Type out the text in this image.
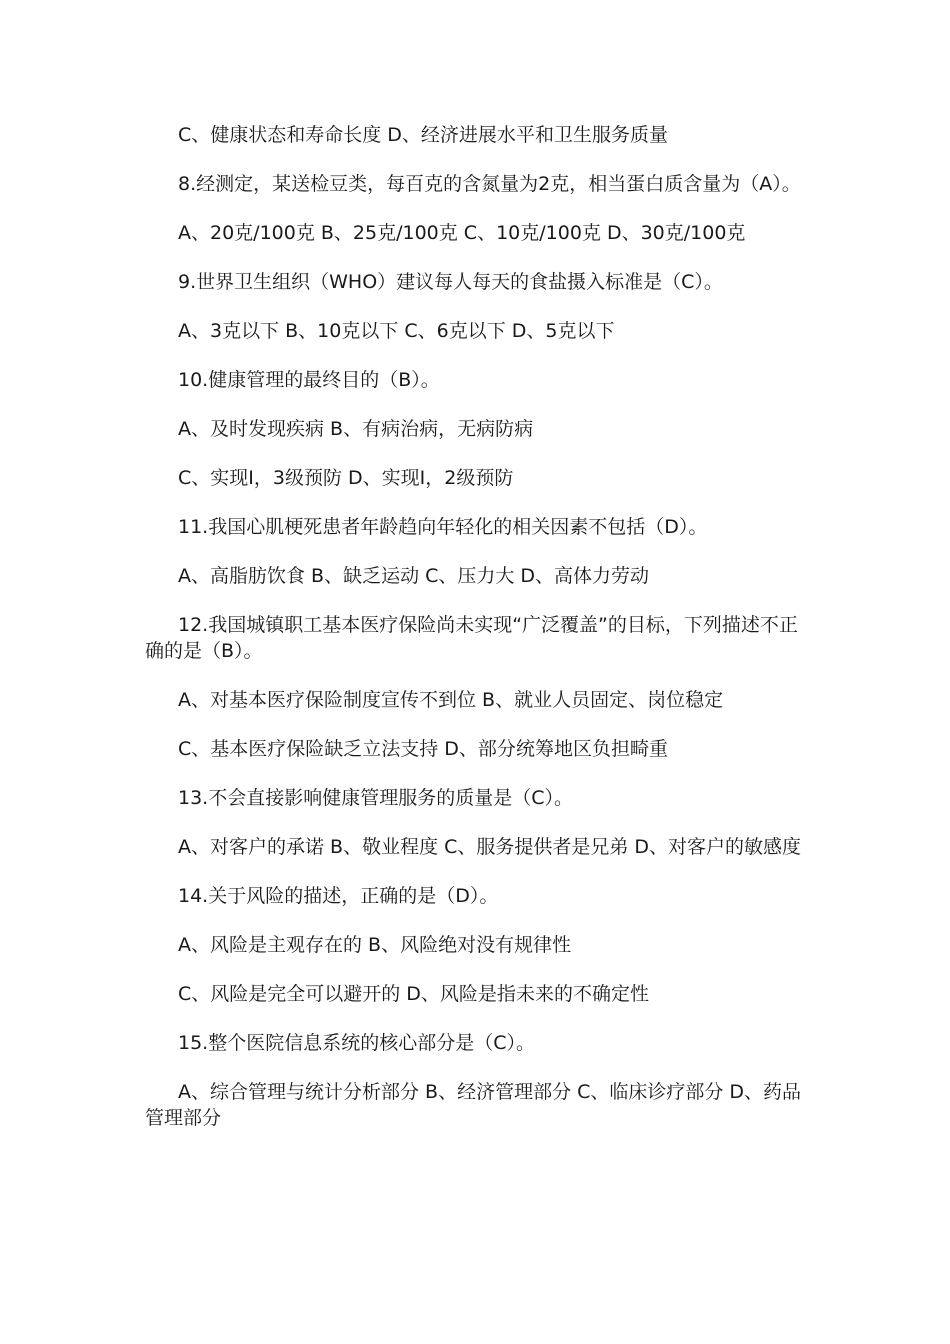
C、健康状态和寿命长度 D、经济进展水平和卫生服务质量

8.经测定，某送检豆类，每百克的含氮量为2克，相当蛋白质含量为（A）。

A、20克/100克 B、25克/100克 C、10克/100克 D、30克/100克

9.世界卫生组织（WHO）建议每人每天的食盐摄入标准是（C）。

A、3克以下 B、10克以下 C、6克以下 D、5克以下

10.健康管理的最终目的（B）。

A、及时发现疾病 B、有病治病，无病防病

C、实现Ⅰ，3级预防 D、实现Ⅰ，2级预防

11.我国心肌梗死患者年龄趋向年轻化的相关因素不包括（D）。

A、高脂肪饮食 B、缺乏运动 C、压力大 D、高体力劳动

12.我国城镇职工基本医疗保险尚未实现“广泛覆盖”的目标，下列描述不正确的是（B）。

A、对基本医疗保险制度宣传不到位 B、就业人员固定、岗位稳定

C、基本医疗保险缺乏立法支持 D、部分统筹地区负担畸重

13.不会直接影响健康管理服务的质量是（C）。

A、对客户的承诺 B、敬业程度 C、服务提供者是兄弟 D、对客户的敏感度

14.关于风险的描述，正确的是（D）。

A、风险是主观存在的 B、风险绝对没有规律性

C、风险是完全可以避开的 D、风险是指未来的不确定性

15.整个医院信息系统的核心部分是（C）。

A、综合管理与统计分析部分 B、经济管理部分 C、临床诊疗部分 D、药品管理部分
